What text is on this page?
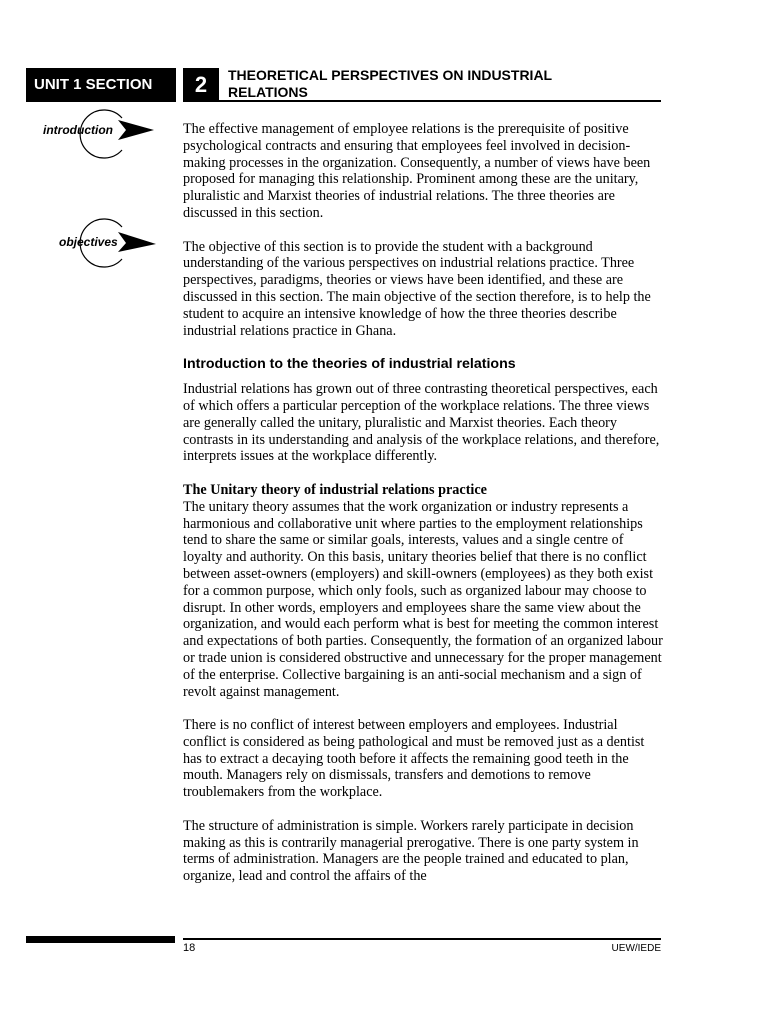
UNIT 1 SECTION	2	THEORETICAL PERSPECTIVES ON INDUSTRIAL RELATIONS
introduction
objectives

The effective management of employee relations is the prerequisite of positive psychological contracts and ensuring that employees feel involved in decision-making processes in the organization. Consequently, a number of views have been proposed for managing this relationship. Prominent among these are the unitary, pluralistic and Marxist theories of industrial relations. The three theories are discussed in this section.

The objective of this section is to provide the student with a background understanding of the various perspectives on industrial relations practice. Three perspectives, paradigms, theories or views have been identified, and these are discussed in this section. The main objective of the section therefore, is to help the student to acquire an intensive knowledge of how the three theories describe industrial relations practice in Ghana.

Introduction to the theories of industrial relations

Industrial relations has grown out of three contrasting theoretical perspectives, each of which offers a particular perception of the workplace relations. The three views are generally called the unitary, pluralistic and Marxist theories. Each theory contrasts in its understanding and analysis of the workplace relations, and therefore, interprets issues at the workplace differently.

The Unitary theory of industrial relations practice

The unitary theory assumes that the work organization or industry represents a harmonious and collaborative unit where parties to the employment relationships tend to share the same or similar goals, interests, values and a single centre of loyalty and authority. On this basis, unitary theories belief that there is no conflict between asset-owners (employers) and skill-owners (employees) as they both exist for a common purpose, which only fools, such as organized labour may choose to disrupt. In other words, employers and employees share the same view about the organization, and would each perform what is best for meeting the common interest and expectations of both parties. Consequently, the formation of an organized labour or trade union is considered obstructive and unnecessary for the proper management of the enterprise. Collective bargaining is an anti-social mechanism and a sign of revolt against management.

There is no conflict of interest between employers and employees. Industrial conflict is considered as being pathological and must be removed just as a dentist has to extract a decaying tooth before it affects the remaining good teeth in the mouth. Managers rely on dismissals, transfers and demotions to remove troublemakers from the workplace.

The structure of administration is simple. Workers rarely participate in decision making as this is contrarily managerial prerogative. There is one party system in terms of administration. Managers are the people trained and educated to plan, organize, lead and control the affairs of the

18	UEW/IEDE
